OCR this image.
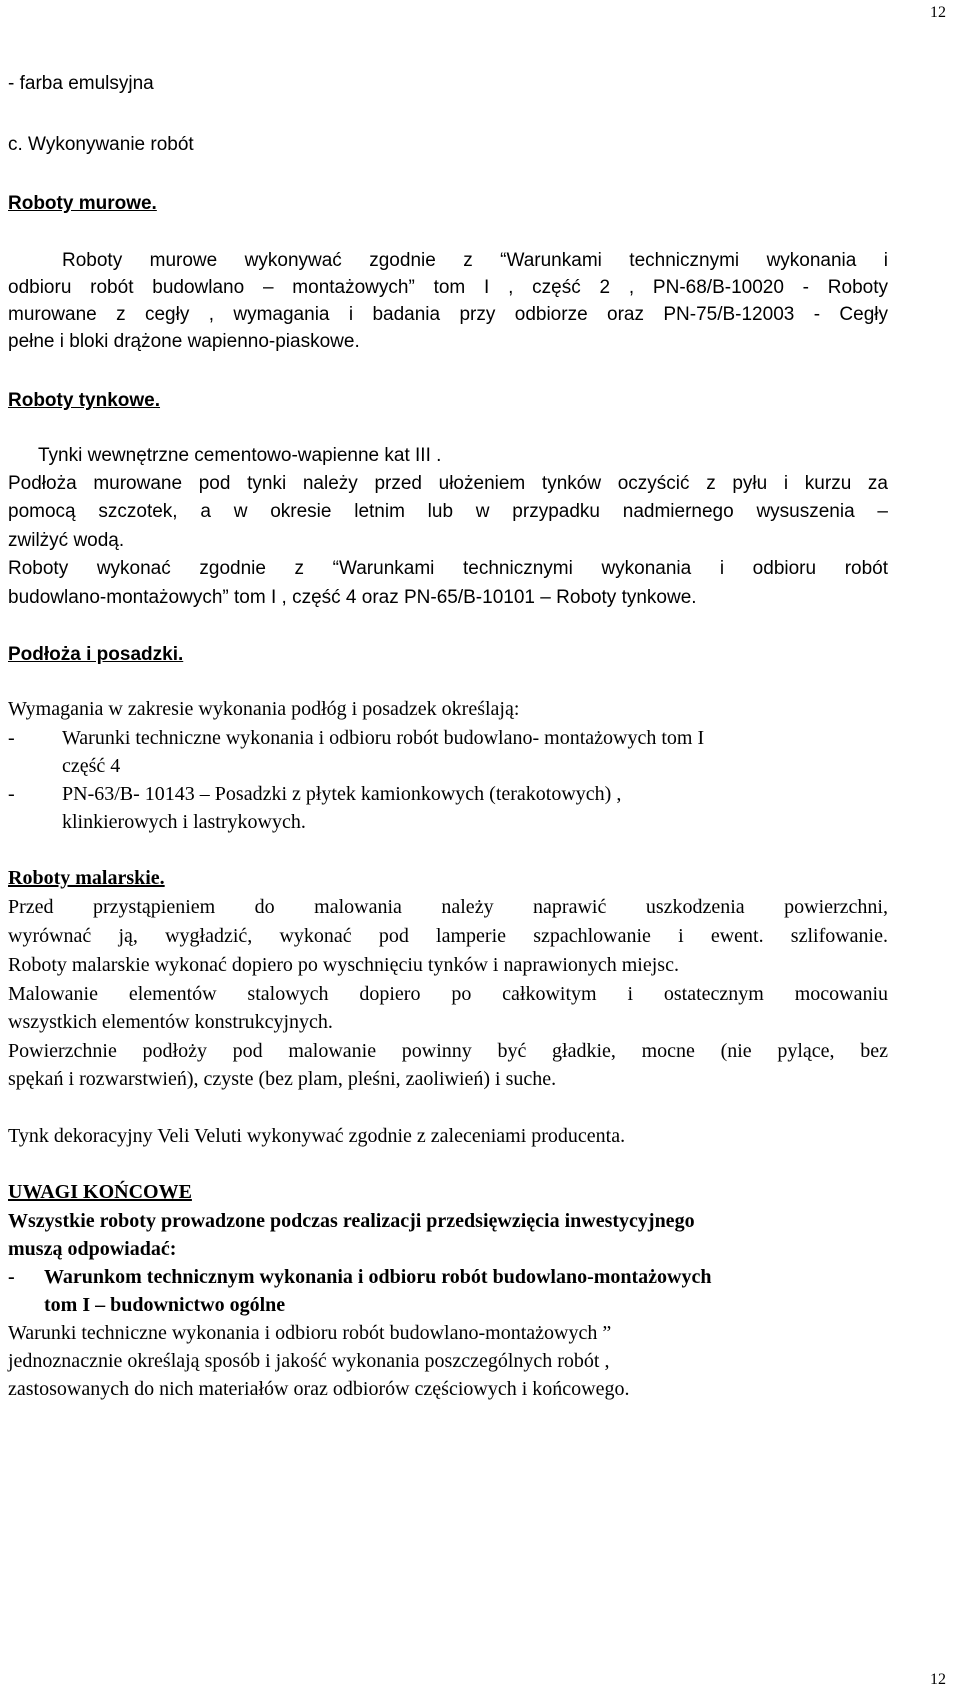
12
- farba emulsyjna
c. Wykonywanie robót
Roboty murowe.
Roboty murowe wykonywać zgodnie z “Warunkami technicznymi wykonania i
odbioru robót budowlano – montażowych” tom I , część 2 , PN-68/B-10020 - Roboty
murowane z cegły , wymagania i badania przy odbiorze oraz PN-75/B-12003 - Cegły
pełne i bloki drążone wapienno-piaskowe.
Roboty tynkowe.
Tynki wewnętrzne cementowo-wapienne kat III .
Podłoża murowane pod tynki należy przed ułożeniem tynków oczyścić z pyłu i kurzu za
pomocą szczotek, a w okresie letnim lub w przypadku nadmiernego wysuszenia –
zwilżyć wodą.
Roboty wykonać zgodnie z “Warunkami technicznymi wykonania i odbioru robót
budowlano-montażowych” tom I , część 4 oraz PN-65/B-10101 – Roboty tynkowe.
Podłoża i posadzki.
Wymagania w zakresie wykonania podłóg i posadzek określają:
- Warunki techniczne wykonania i odbioru robót budowlano- montażowych tom I
część 4
- PN-63/B- 10143 – Posadzki z płytek kamionkowych (terakotowych) ,
klinkierowych i lastrykowych.
Roboty malarskie.
Przed przystąpieniem do malowania należy naprawić uszkodzenia powierzchni,
wyrównać ją, wygładzić, wykonać pod lamperie szpachlowanie i ewent. szlifowanie.
Roboty malarskie wykonać dopiero po wyschnięciu tynków i naprawionych miejsc.
Malowanie elementów stalowych dopiero po całkowitym i ostatecznym mocowaniu
wszystkich elementów konstrukcyjnych.
Powierzchnie podłoży pod malowanie powinny być gładkie, mocne (nie pylące, bez
spękań i rozwarstwień), czyste (bez plam, pleśni, zaoliwień) i suche.
Tynk dekoracyjny Veli Veluti wykonywać zgodnie z zaleceniami producenta.
UWAGI KOŃCOWE
Wszystkie roboty prowadzone podczas realizacji przedsięwzięcia inwestycyjnego
muszą odpowiadać:
- Warunkom technicznym wykonania i odbioru robót budowlano-montażowych
tom I – budownictwo ogólne
Warunki techniczne wykonania i odbioru robót budowlano-montażowych ”
jednoznacznie określają sposób i jakość wykonania poszczególnych robót ,
zastosowanych do nich materiałów oraz odbiorów częściowych i końcowego.
12
